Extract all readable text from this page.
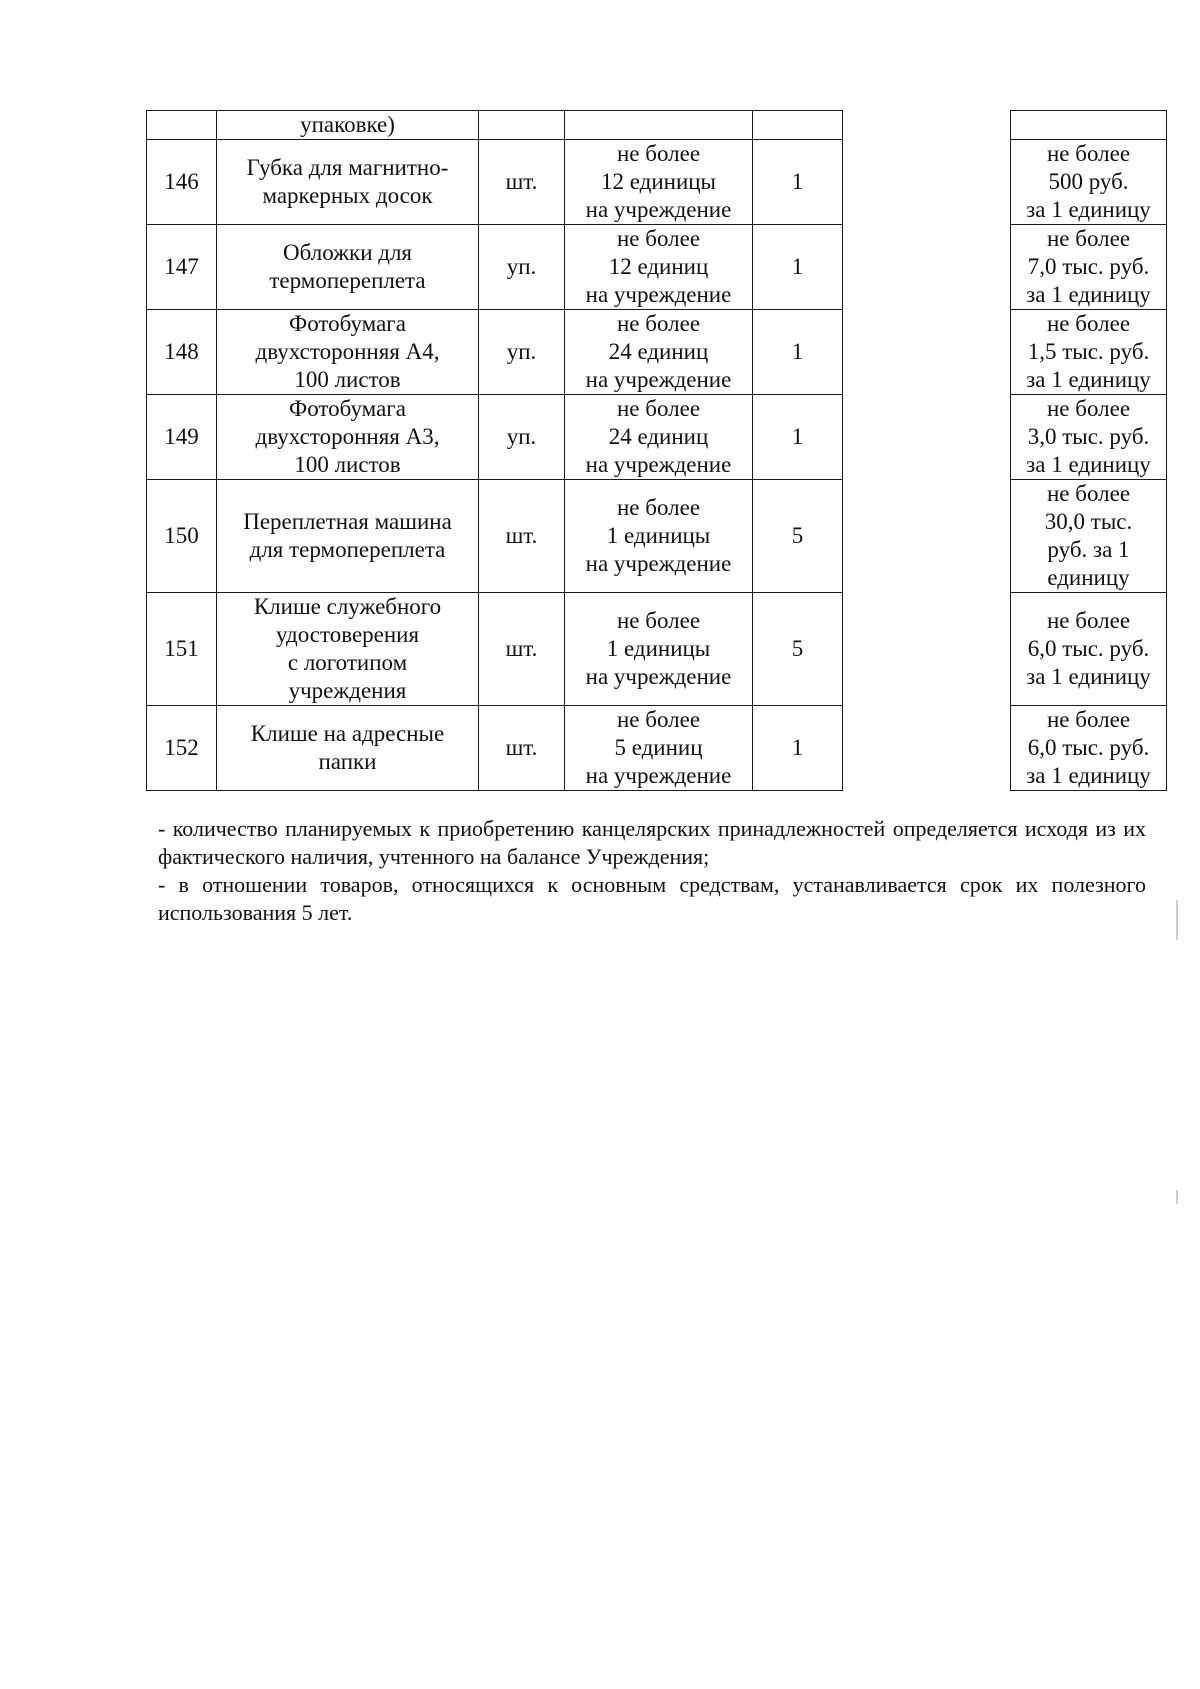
	упаковке)					

146	Губка для магнитно-
маркерных досок	шт.	не более
12 единицы
на учреждение	1		не более
500 руб.
за 1 единицу

147	Обложки для
термопереплета	уп.	не более
12 единиц
на учреждение	1		не более
7,0 тыс. руб.
за 1 единицу

148	Фотобумага
двухсторонняя А4,
100 листов	уп.	не более
24 единиц
на учреждение	1		не более
1,5 тыс. руб.
за 1 единицу

149	Фотобумага
двухсторонняя А3,
100 листов	уп.	не более
24 единиц
на учреждение	1		не более
3,0 тыс. руб.
за 1 единицу

150	Переплетная машина
для термопереплета	шт.	не более
1 единицы
на учреждение	5		не более
30,0 тыс.
руб. за 1
единицу

151	Клише служебного
удостоверения
с логотипом
учреждения	шт.	не более
1 единицы
на учреждение	5		не более
6,0 тыс. руб.
за 1 единицу

152	Клише на адресные
папки	шт.	не более
5 единиц
на учреждение	1		не более
6,0 тыс. руб.
за 1 единицу

- количество планируемых к приобретению канцелярских принадлежностей определяется исходя из их фактического наличия, учтенного на балансе Учреждения;

- в отношении товаров, относящихся к основным средствам, устанавливается срок их полезного использования 5 лет.
